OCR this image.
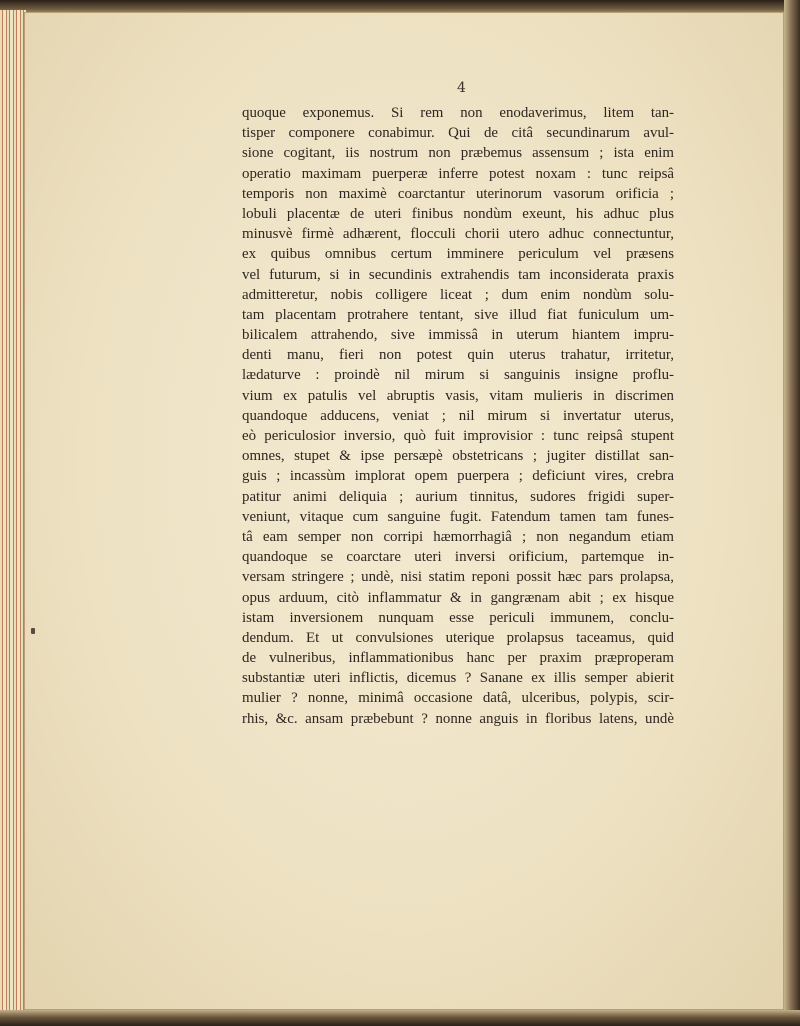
4

quoque exponemus. Si rem non enodaverimus, litem tan-
tisper componere conabimur. Qui de citâ secundinarum avul-
sione cogitant, iis nostrum non præbemus assensum ; ista enim
operatio maximam puerperæ inferre potest noxam : tunc reipsâ
temporis non maximè coarctantur uterinorum vasorum orificia ;
lobuli placentæ de uteri finibus nondùm exeunt, his adhuc plus
minusvè firmè adhærent, flocculi chorii utero adhuc connectuntur,
ex quibus omnibus certum imminere periculum vel præsens
vel futurum, si in secundinis extrahendis tam inconsiderata praxis
admitteretur, nobis colligere liceat ; dum enim nondùm solu-
tam placentam protrahere tentant, sive illud fiat funiculum um-
bilicalem attrahendo, sive immissâ in uterum hiantem impru-
denti manu, fieri non potest quin uterus trahatur, irritetur,
lædaturve : proindè nil mirum si sanguinis insigne proflu-
vium ex patulis vel abruptis vasis, vitam mulieris in discrimen
quandoque adducens, veniat ; nil mirum si invertatur uterus,
eò periculosior inversio, quò fuit improvisior : tunc reipsâ stupent
omnes, stupet & ipse persæpè obstetricans ; jugiter distillat san-
guis ; incassùm implorat opem puerpera ; deficiunt vires, crebra
patitur animi deliquia ; aurium tinnitus, sudores frigidi super-
veniunt, vitaque cum sanguine fugit. Fatendum tamen tam funes-
tâ eam semper non corripi hæmorrhagiâ ; non negandum etiam
quandoque se coarctare uteri inversi orificium, partemque in-
versam stringere ; undè, nisi statim reponi possit hæc pars prolapsa,
opus arduum, citò inflammatur & in gangrænam abit ; ex hisque
istam inversionem nunquam esse periculi immunem, conclu-
dendum. Et ut convulsiones uterique prolapsus taceamus, quid
de vulneribus, inflammationibus hanc per praxim præproperam
substantiæ uteri inflictis, dicemus ? Sanane ex illis semper abierit
mulier ? nonne, minimâ occasione datâ, ulceribus, polypis, scir-
rhis, &c. ansam præbebunt ? nonne anguis in floribus latens, undè
